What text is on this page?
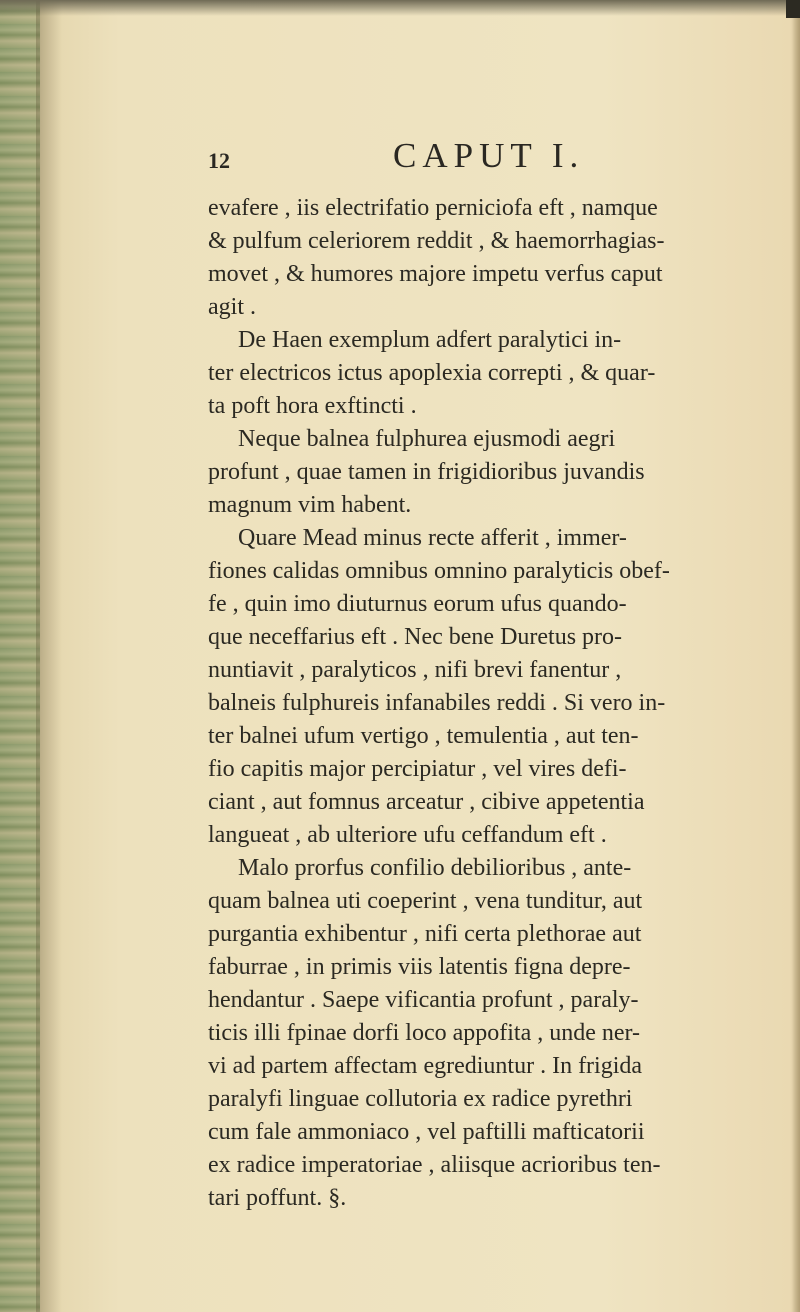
12	CAPUT I.
evafere , iis electrifatio perniciofa eft , namque
& pulfum celeriorem reddit , & haemorrhagias-
movet , & humores majore impetu verfus caput
agit .
De Haen exemplum adfert paralytici in-
ter electricos ictus apoplexia correpti , & quar-
ta poft hora exftincti .
Neque balnea fulphurea ejusmodi aegri
profunt , quae tamen in frigidioribus juvandis
magnum vim habent.
Quare Mead minus recte afferit , immer-
fiones calidas omnibus omnino paralyticis obef-
fe , quin imo diuturnus eorum ufus quando-
que neceffarius eft . Nec bene Duretus pro-
nuntiavit , paralyticos , nifi brevi fanentur ,
balneis fulphureis infanabiles reddi . Si vero in-
ter balnei ufum vertigo , temulentia , aut ten-
fio capitis major percipiatur , vel vires defi-
ciant , aut fomnus arceatur , cibive appetentia
langueat , ab ulteriore ufu ceffandum eft .
Malo prorfus confilio debilioribus , ante-
quam balnea uti coeperint , vena tunditur, aut
purgantia exhibentur , nifi certa plethorae aut
faburrae , in primis viis latentis figna depre-
hendantur . Saepe vificantia profunt , paraly-
ticis illi fpinae dorfi loco appofita , unde ner-
vi ad partem affectam egrediuntur . In frigida
paralyfi linguae collutoria ex radice pyrethri
cum fale ammoniaco , vel paftilli mafticatorii
ex radice imperatoriae , aliisque acrioribus ten-
tari poffunt. §.
